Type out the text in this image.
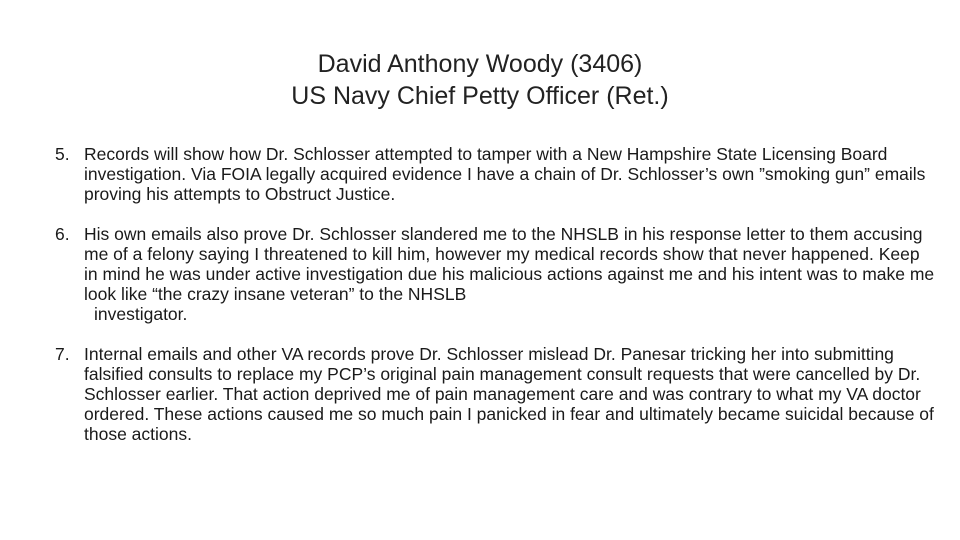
David Anthony Woody (3406)
US Navy Chief Petty Officer (Ret.)
5. Records will show how Dr. Schlosser attempted to tamper with a New Hampshire State Licensing Board investigation. Via FOIA legally acquired evidence I have a chain of Dr. Schlosser’s own ”smoking gun” emails proving his attempts to Obstruct Justice.
6. His own emails also prove Dr. Schlosser slandered me to the NHSLB in his response letter to them accusing me of a felony saying I threatened to kill him, however my medical records show that never happened. Keep in mind he was under active investigation due his malicious actions against me and his intent was to make me look like “the crazy insane veteran” to the NHSLB
investigator.
7. Internal emails and other VA records prove Dr. Schlosser mislead Dr. Panesar tricking her into submitting falsified consults to replace my PCP’s original pain management consult requests that were cancelled by Dr. Schlosser earlier. That action deprived me of pain management care and was contrary to what my VA doctor ordered. These actions caused me so much pain I panicked in fear and ultimately became suicidal because of those actions.
